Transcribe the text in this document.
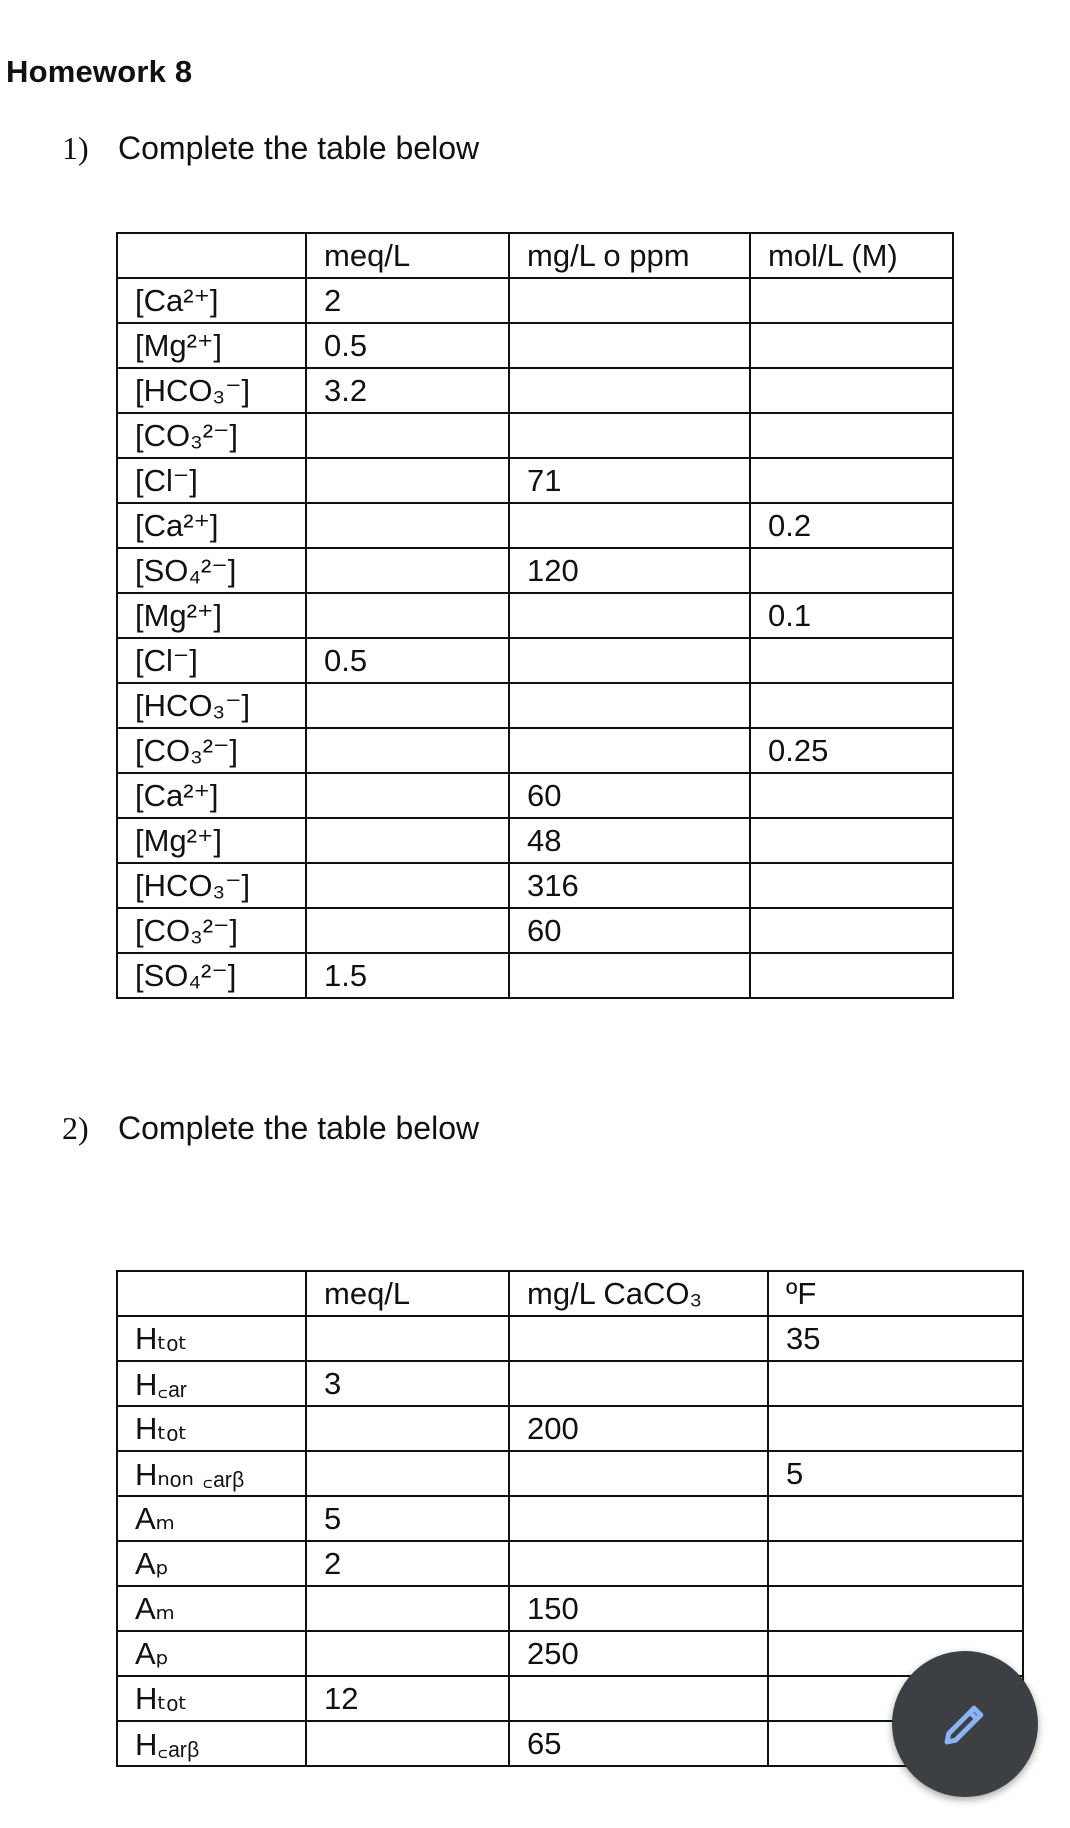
Homework 8
1) Complete the table below
	meq/L	mg/L o ppm	mol/L (M)
[Ca²⁺]	2		
[Mg²⁺]	0.5		
[HCO₃⁻]	3.2		
[CO₃²⁻]			
[Cl⁻]		71	
[Ca²⁺]			0.2
[SO₄²⁻]		120	
[Mg²⁺]			0.1
[Cl⁻]	0.5		
[HCO₃⁻]			
[CO₃²⁻]			0.25
[Ca²⁺]		60	
[Mg²⁺]		48	
[HCO₃⁻]		316	
[CO₃²⁻]		60	
[SO₄²⁻]	1.5		
2) Complete the table below
	meq/L	mg/L CaCO₃	ºF
Hₜₒₜ			35
H꜀ₐᵣ	3		
Hₜₒₜ		200	
Hₙₒₙ ꜀ₐᵣᵦ			5
Aₘ	5		
Aₚ	2		
Aₘ		150	
Aₚ		250	
Hₜₒₜ	12		
H꜀ₐᵣᵦ		65	
